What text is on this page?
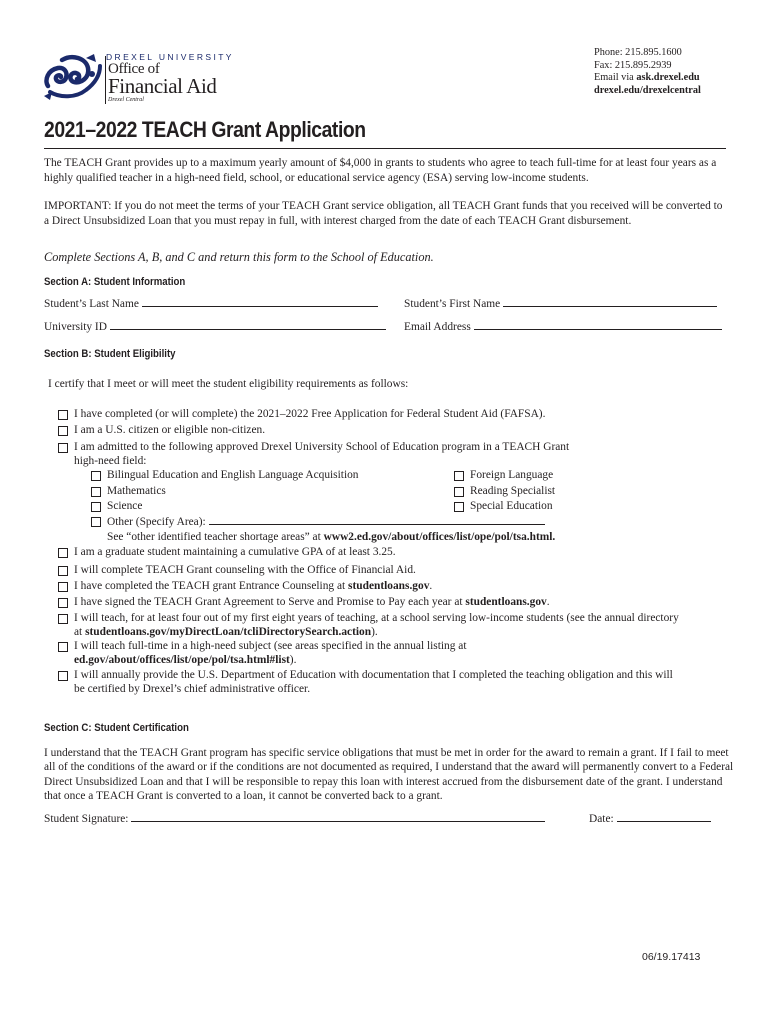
DREXEL UNIVERSITY
Office of
Financial Aid
Drexel Central
Phone: 215.895.1600
Fax: 215.895.2939
Email via ask.drexel.edu
drexel.edu/drexelcentral
2021–2022 TEACH Grant Application
The TEACH Grant provides up to a maximum yearly amount of $4,000 in grants to students who agree to teach full-time for at least four years as a highly qualified teacher in a high-need field, school, or educational service agency (ESA) serving low-income students.
IMPORTANT: If you do not meet the terms of your TEACH Grant service obligation, all TEACH Grant funds that you received will be converted to a Direct Unsubsidized Loan that you must repay in full, with interest charged from the date of each TEACH Grant disbursement.
Complete Sections A, B, and C and return this form to the School of Education.
Section A: Student Information
Student’s Last Name	Student’s First Name
University ID	Email Address
Section B: Student Eligibility
I certify that I meet or will meet the student eligibility requirements as follows:
I have completed (or will complete) the 2021–2022 Free Application for Federal Student Aid (FAFSA).
I am a U.S. citizen or eligible non-citizen.
I am admitted to the following approved Drexel University School of Education program in a TEACH Grant
high-need field:
Bilingual Education and English Language Acquisition
Mathematics
Science
Other (Specify Area):
Foreign Language
Reading Specialist
Special Education
See “other identified teacher shortage areas” at www2.ed.gov/about/offices/list/ope/pol/tsa.html.
I am a graduate student maintaining a cumulative GPA of at least 3.25.
I will complete TEACH Grant counseling with the Office of Financial Aid.
I have completed the TEACH grant Entrance Counseling at studentloans.gov.
I have signed the TEACH Grant Agreement to Serve and Promise to Pay each year at studentloans.gov.
I will teach, for at least four out of my first eight years of teaching, at a school serving low-income students (see the annual directory
at studentloans.gov/myDirectLoan/tcliDirectorySearch.action).
I will teach full-time in a high-need subject (see areas specified in the annual listing at
ed.gov/about/offices/list/ope/pol/tsa.html#list).
I will annually provide the U.S. Department of Education with documentation that I completed the teaching obligation and this will
be certified by Drexel’s chief administrative officer.
Section C: Student Certification
I understand that the TEACH Grant program has specific service obligations that must be met in order for the award to remain a grant. If I fail to meet all of the conditions of the award or if the conditions are not documented as required, I understand that the award will permanently convert to a Federal Direct Unsubsidized Loan and that I will be responsible to repay this loan with interest accrued from the disbursement date of the grant. I understand that once a TEACH Grant is converted to a loan, it cannot be converted back to a grant.
Student Signature:	Date:
06/19.17413
